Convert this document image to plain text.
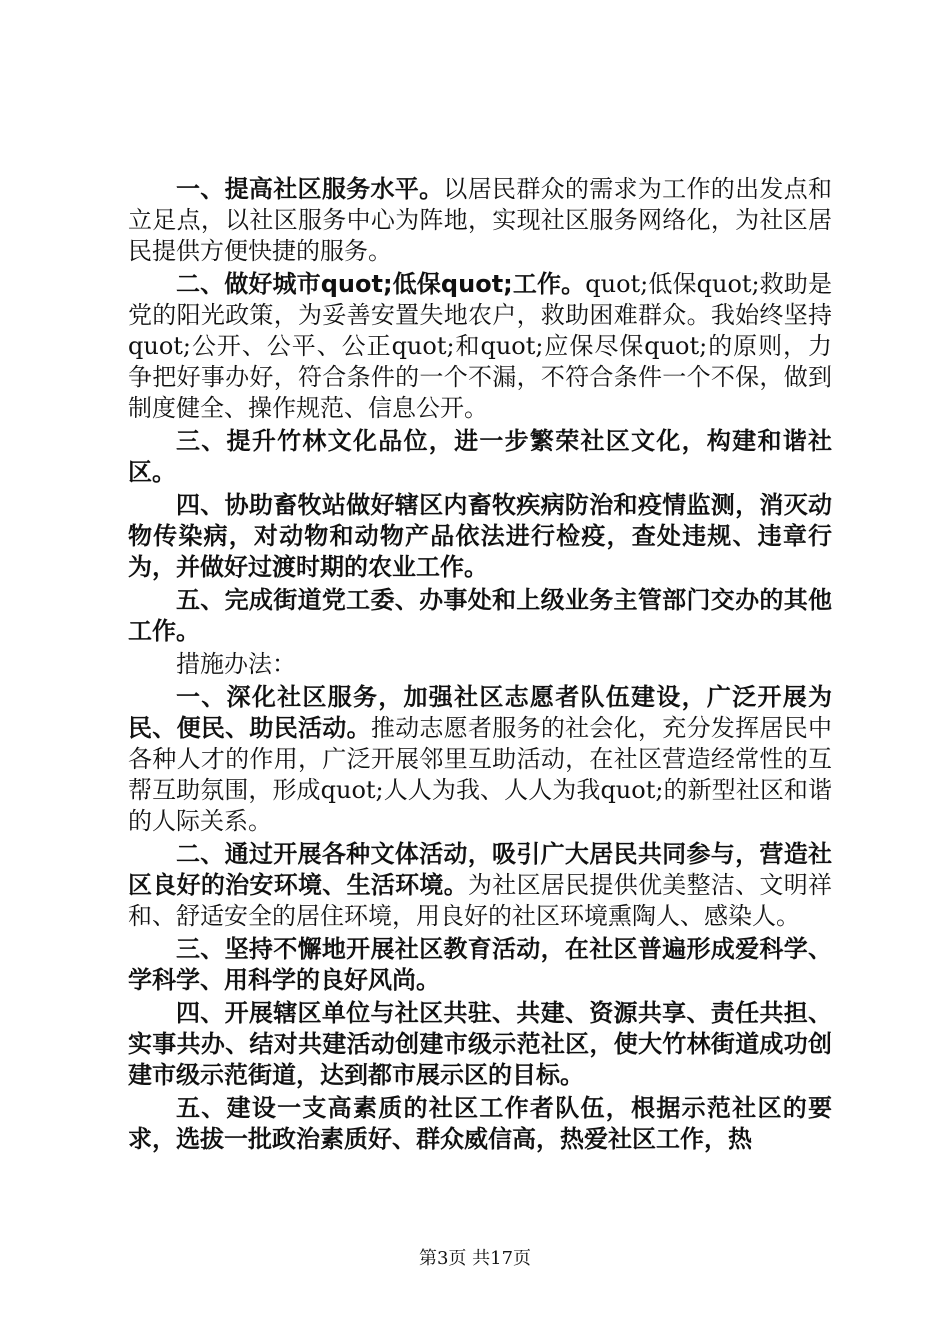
一、提高社区服务水平。以居民群众的需求为工作的出发点和立足点，以社区服务中心为阵地，实现社区服务网络化，为社区居民提供方便快捷的服务。

二、做好城市quot;低保quot;工作。quot;低保quot;救助是党的阳光政策，为妥善安置失地农户，救助困难群众。我始终坚持quot;公开、公平、公正quot;和quot;应保尽保quot;的原则，力争把好事办好，符合条件的一个不漏，不符合条件一个不保，做到制度健全、操作规范、信息公开。

三、提升竹林文化品位，进一步繁荣社区文化，构建和谐社区。

四、协助畜牧站做好辖区内畜牧疾病防治和疫情监测，消灭动物传染病，对动物和动物产品依法进行检疫，查处违规、违章行为，并做好过渡时期的农业工作。

五、完成街道党工委、办事处和上级业务主管部门交办的其他工作。

措施办法：

一、深化社区服务，加强社区志愿者队伍建设，广泛开展为民、便民、助民活动。推动志愿者服务的社会化，充分发挥居民中各种人才的作用，广泛开展邻里互助活动，在社区营造经常性的互帮互助氛围，形成quot;人人为我、人人为我quot;的新型社区和谐的人际关系。

二、通过开展各种文体活动，吸引广大居民共同参与，营造社区良好的治安环境、生活环境。为社区居民提供优美整洁、文明祥和、舒适安全的居住环境，用良好的社区环境熏陶人、感染人。

三、坚持不懈地开展社区教育活动，在社区普遍形成爱科学、学科学、用科学的良好风尚。

四、开展辖区单位与社区共驻、共建、资源共享、责任共担、实事共办、结对共建活动创建市级示范社区，使大竹林街道成功创建市级示范街道，达到都市展示区的目标。

五、建设一支高素质的社区工作者队伍，根据示范社区的要求，选拔一批政治素质好、群众威信高，热爱社区工作，热

第3页 共17页
